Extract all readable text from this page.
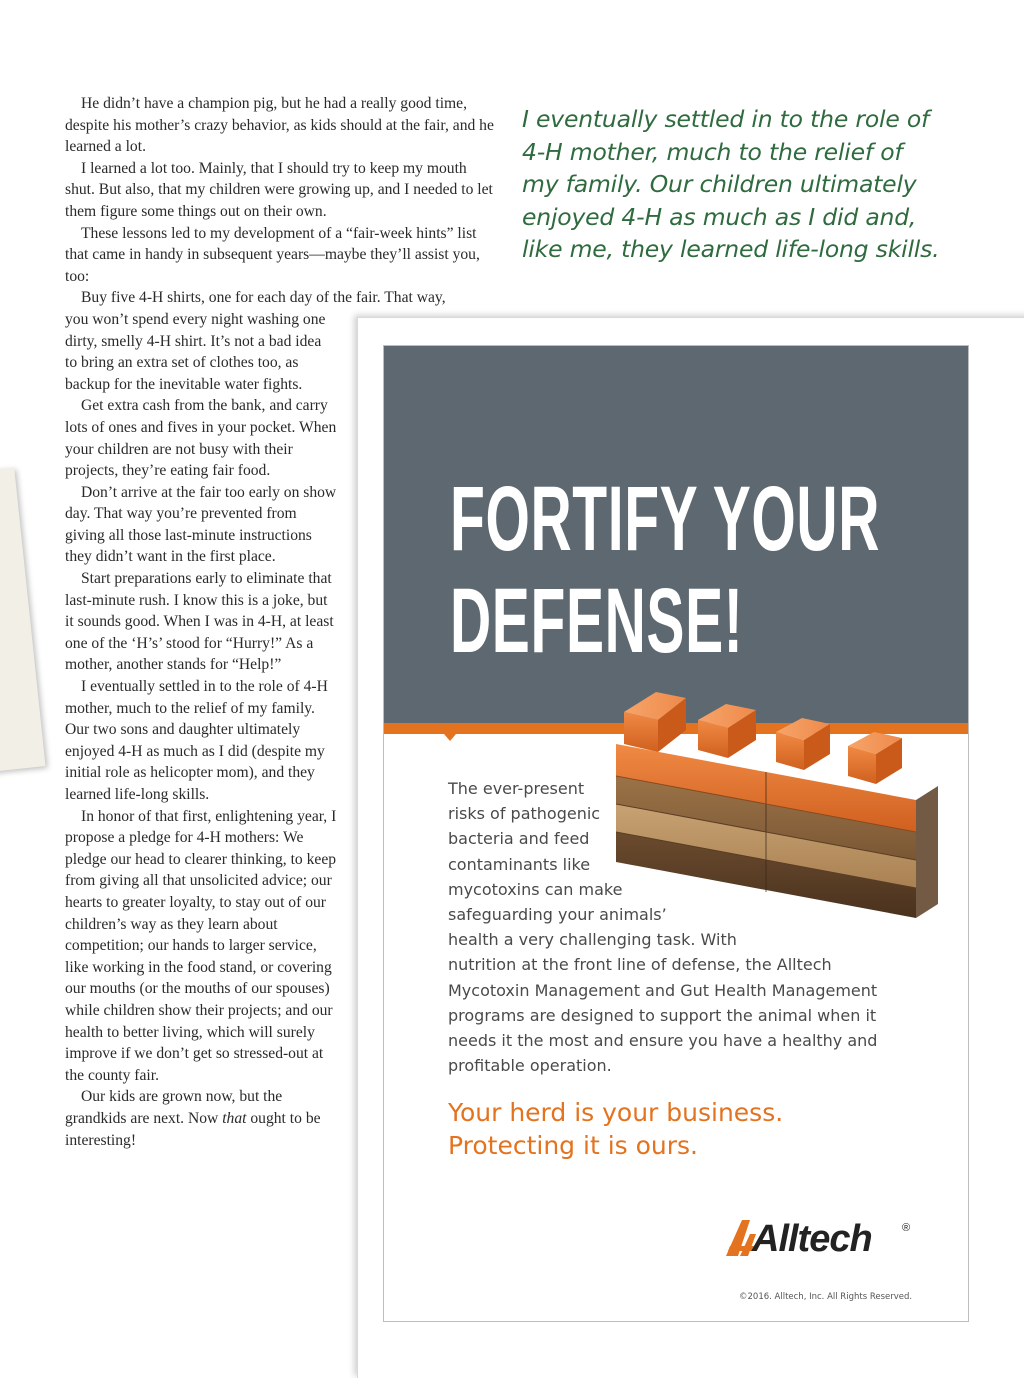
He didn’t have a champion pig, but he had a really good time, despite his mother’s crazy behavior, as kids should at the fair, and he learned a lot.

I learned a lot too. Mainly, that I should try to keep my mouth shut. But also, that my children were growing up, and I needed to let them figure some things out on their own.

These lessons led to my development of a “fair-week hints” list that came in handy in subsequent years—maybe they’ll assist you, too:

Buy five 4-H shirts, one for each day of the fair. That way,

you won’t spend every night washing one dirty, smelly 4-H shirt. It’s not a bad idea to bring an extra set of clothes too, as backup for the inevitable water fights.

Get extra cash from the bank, and carry lots of ones and fives in your pocket. When your children are not busy with their projects, they’re eating fair food.

Don’t arrive at the fair too early on show day. That way you’re prevented from giving all those last-minute instructions they didn’t want in the first place.

Start preparations early to eliminate that last-minute rush. I know this is a joke, but it sounds good. When I was in 4-H, at least one of the ‘H’s’ stood for “Hurry!” As a mother, another stands for “Help!”

I eventually settled in to the role of 4-H mother, much to the relief of my family. Our two sons and daughter ultimately enjoyed 4-H as much as I did (despite my initial role as helicopter mom), and they learned life-long skills.

In honor of that first, enlightening year, I propose a pledge for 4-H mothers: We pledge our head to clearer thinking, to keep from giving all that unsolicited advice; our hearts to greater loyalty, to stay out of our children’s way as they learn about competition; our hands to larger service, like working in the food stand, or covering our mouths (or the mouths of our spouses) while children show their projects; and our health to better living, which will surely improve if we don’t get so stressed-out at the county fair.

Our kids are grown now, but the grandkids are next. Now that ought to be interesting!

I eventually settled in to the role of 4-H mother, much to the relief of my family. Our children ultimately enjoyed 4-H as much as I did and, like me, they learned life-long skills.
FORTIFY YOUR
DEFENSE!
The ever-present
risks of pathogenic
bacteria and feed
contaminants like
mycotoxins can make
safeguarding your animals’
health a very challenging task. With
nutrition at the front line of defense, the Alltech
Mycotoxin Management and Gut Health Management
programs are designed to support the animal when it
needs it the most and ensure you have a healthy and
profitable operation.
Your herd is your business.
Protecting it is ours.
Alltech	®
©2016. Alltech, Inc. All Rights Reserved.
